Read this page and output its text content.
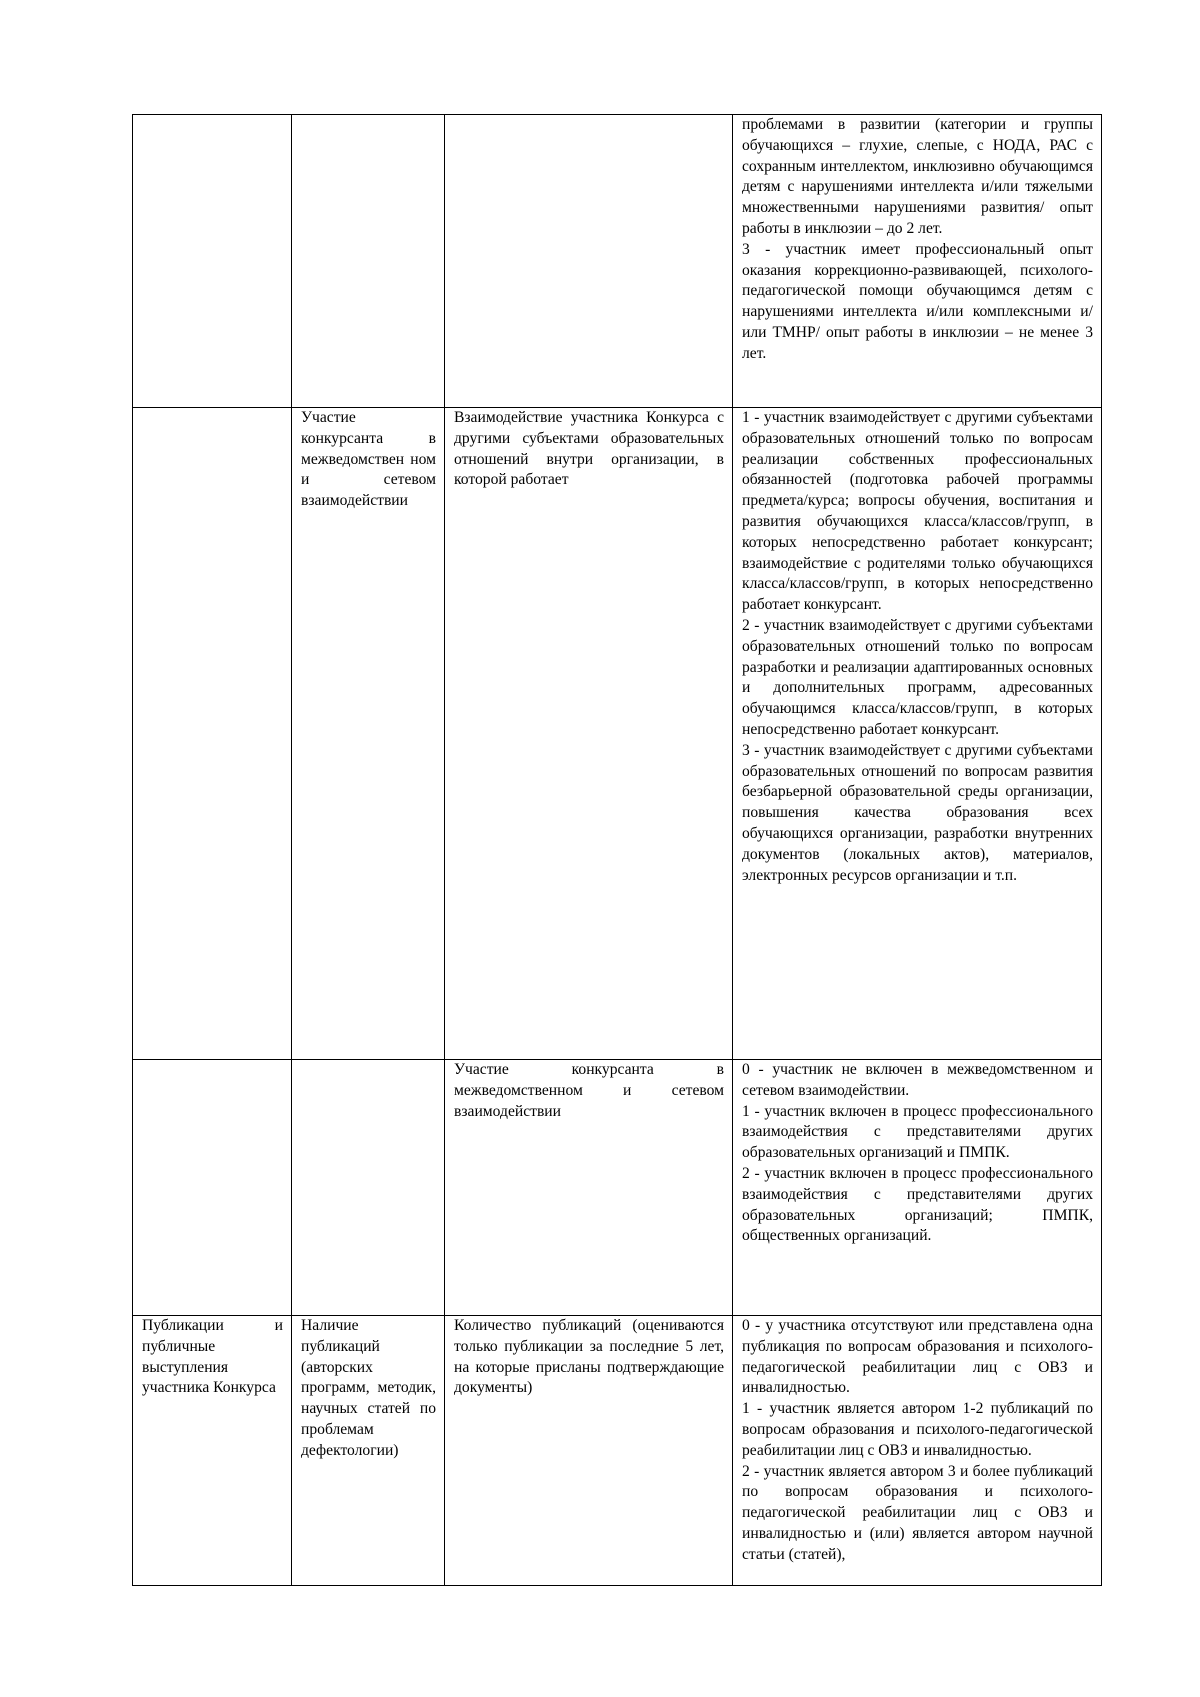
			проблемами в развитии (категории и группы обучающихся – глухие, слепые, с НОДА, РАС с сохранным интеллектом, инклюзивно обучающимся детям с нарушениями интеллекта и/или тяжелыми множественными нарушениями развития/ опыт работы в инклюзии – до 2 лет.
3 - участник имеет профессиональный опыт оказания коррекционно-развивающей, психолого-педагогической помощи обучающимся детям с нарушениями интеллекта и/или комплексными и/или ТМНР/ опыт работы в инклюзии – не менее 3 лет.

	Участие конкурсанта в межведомствен ном и сетевом взаимодействии	Взаимодействие участника Конкурса с другими субъектами образовательных отношений внутри организации, в которой работает	1 - участник взаимодействует с другими субъектами образовательных отношений только по вопросам реализации собственных профессиональных обязанностей (подготовка рабочей программы предмета/курса; вопросы обучения, воспитания и развития обучающихся класса/классов/групп, в которых непосредственно работает конкурсант; взаимодействие с родителями только обучающихся класса/классов/групп, в которых непосредственно работает конкурсант.
2 - участник взаимодействует с другими субъектами образовательных отношений только по вопросам разработки и реализации адаптированных основных и дополнительных программ, адресованных обучающимся класса/классов/групп, в которых непосредственно работает конкурсант.
3 - участник взаимодействует с другими субъектами образовательных отношений по вопросам развития безбарьерной образовательной среды организации, повышения качества образования всех обучающихся организации, разработки внутренних документов (локальных актов), материалов, электронных ресурсов организации и т.п.

		Участие конкурсанта в межведомственном и сетевом взаимодействии	0 - участник не включен в межведомственном и сетевом взаимодействии.
1 - участник включен в процесс профессионального взаимодействия с представителями других образовательных организаций и ПМПК.
2 - участник включен в процесс профессионального взаимодействия с представителями других образовательных организаций; ПМПК, общественных организаций.

Публикации и публичные выступления участника Конкурса	Наличие публикаций (авторских программ, методик, научных статей по проблемам дефектологии)	Количество публикаций (оцениваются только публикации за последние 5 лет, на которые присланы подтверждающие документы)	0 - у участника отсутствуют или представлена одна публикация по вопросам образования и психолого-педагогической реабилитации лиц с ОВЗ и инвалидностью.
1 - участник является автором 1-2 публикаций по вопросам образования и психолого-педагогической реабилитации лиц с ОВЗ и инвалидностью.
2 - участник является автором 3 и более публикаций по вопросам образования и психолого-педагогической реабилитации лиц с ОВЗ и инвалидностью и (или) является автором научной статьи (статей),
